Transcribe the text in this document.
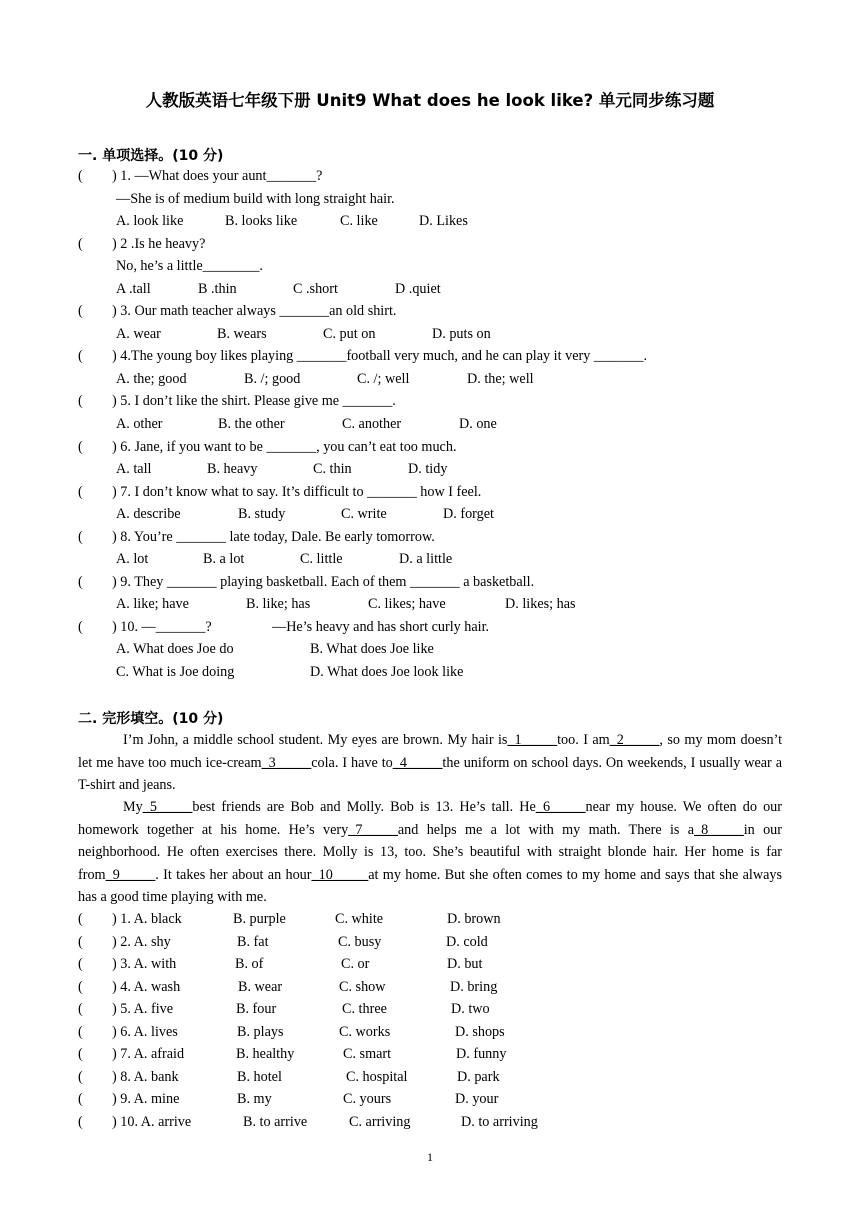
人教版英语七年级下册 Unit9 What does he look like? 单元同步练习题
一. 单项选择。(10 分)
( ) 1. —What does your aunt_______?
—She is of medium build with long straight hair.
A. look like	B. looks like	C. like	D. Likes
( ) 2 .Is he heavy?
No, he’s a little________.
A .tall	B .thin	C .short	D .quiet
( ) 3. Our math teacher always _______an old shirt.
A. wear	B. wears	C. put on	D. puts on
( ) 4.The young boy likes playing _______football very much, and he can play it very _______.
A. the; good	B. /; good	C. /; well	D. the; well
( ) 5. I don’t like the shirt. Please give me _______.
A. other	B. the other	C. another	D. one
( ) 6. Jane, if you want to be _______, you can’t eat too much.
A. tall	B. heavy	C. thin	D. tidy
( ) 7. I don’t know what to say. It’s difficult to _______ how I feel.
A. describe	B. study	C. write	D. forget
( ) 8. You’re _______ late today, Dale. Be early tomorrow.
A. lot	B. a lot	C. little	D. a little
( ) 9. They _______ playing basketball. Each of them _______ a basketball.
A. like; have	B. like; has	C. likes; have	D. likes; has
( ) 10. —_______?	—He’s heavy and has short curly hair.
A. What does Joe do	B. What does Joe like
C. What is Joe doing	D. What does Joe look like
二. 完形填空。(10 分)
I’m John, a middle school student. My eyes are brown. My hair is_1_____too. I am_2_____, so my mom doesn’t let me have too much ice-cream_3_____cola. I have to_4_____the uniform on school days. On weekends, I usually wear a T-shirt and jeans.
My_5_____best friends are Bob and Molly. Bob is 13. He’s tall. He_6_____near my house. We often do our homework together at his home. He’s very_7_____and helps me a lot with my math. There is a_8_____in our neighborhood. He often exercises there. Molly is 13, too. She’s beautiful with straight blonde hair. Her home is far from_9_____. It takes her about an hour_10_____at my home. But she often comes to my home and says that she always has a good time playing with me.
( ) 1. A. black	B. purple	C. white	D. brown
( ) 2. A. shy	B. fat	C. busy	D. cold
( ) 3. A. with	B. of	C. or	D. but
( ) 4. A. wash	B. wear	C. show	D. bring
( ) 5. A. five	B. four	C. three	D. two
( ) 6. A. lives	B. plays	C. works	D. shops
( ) 7. A. afraid	B. healthy	C. smart	D. funny
( ) 8. A. bank	B. hotel	C. hospital	D. park
( ) 9. A. mine	B. my	C. yours	D. your
( ) 10. A. arrive	B. to arrive	C. arriving	D. to arriving
1
